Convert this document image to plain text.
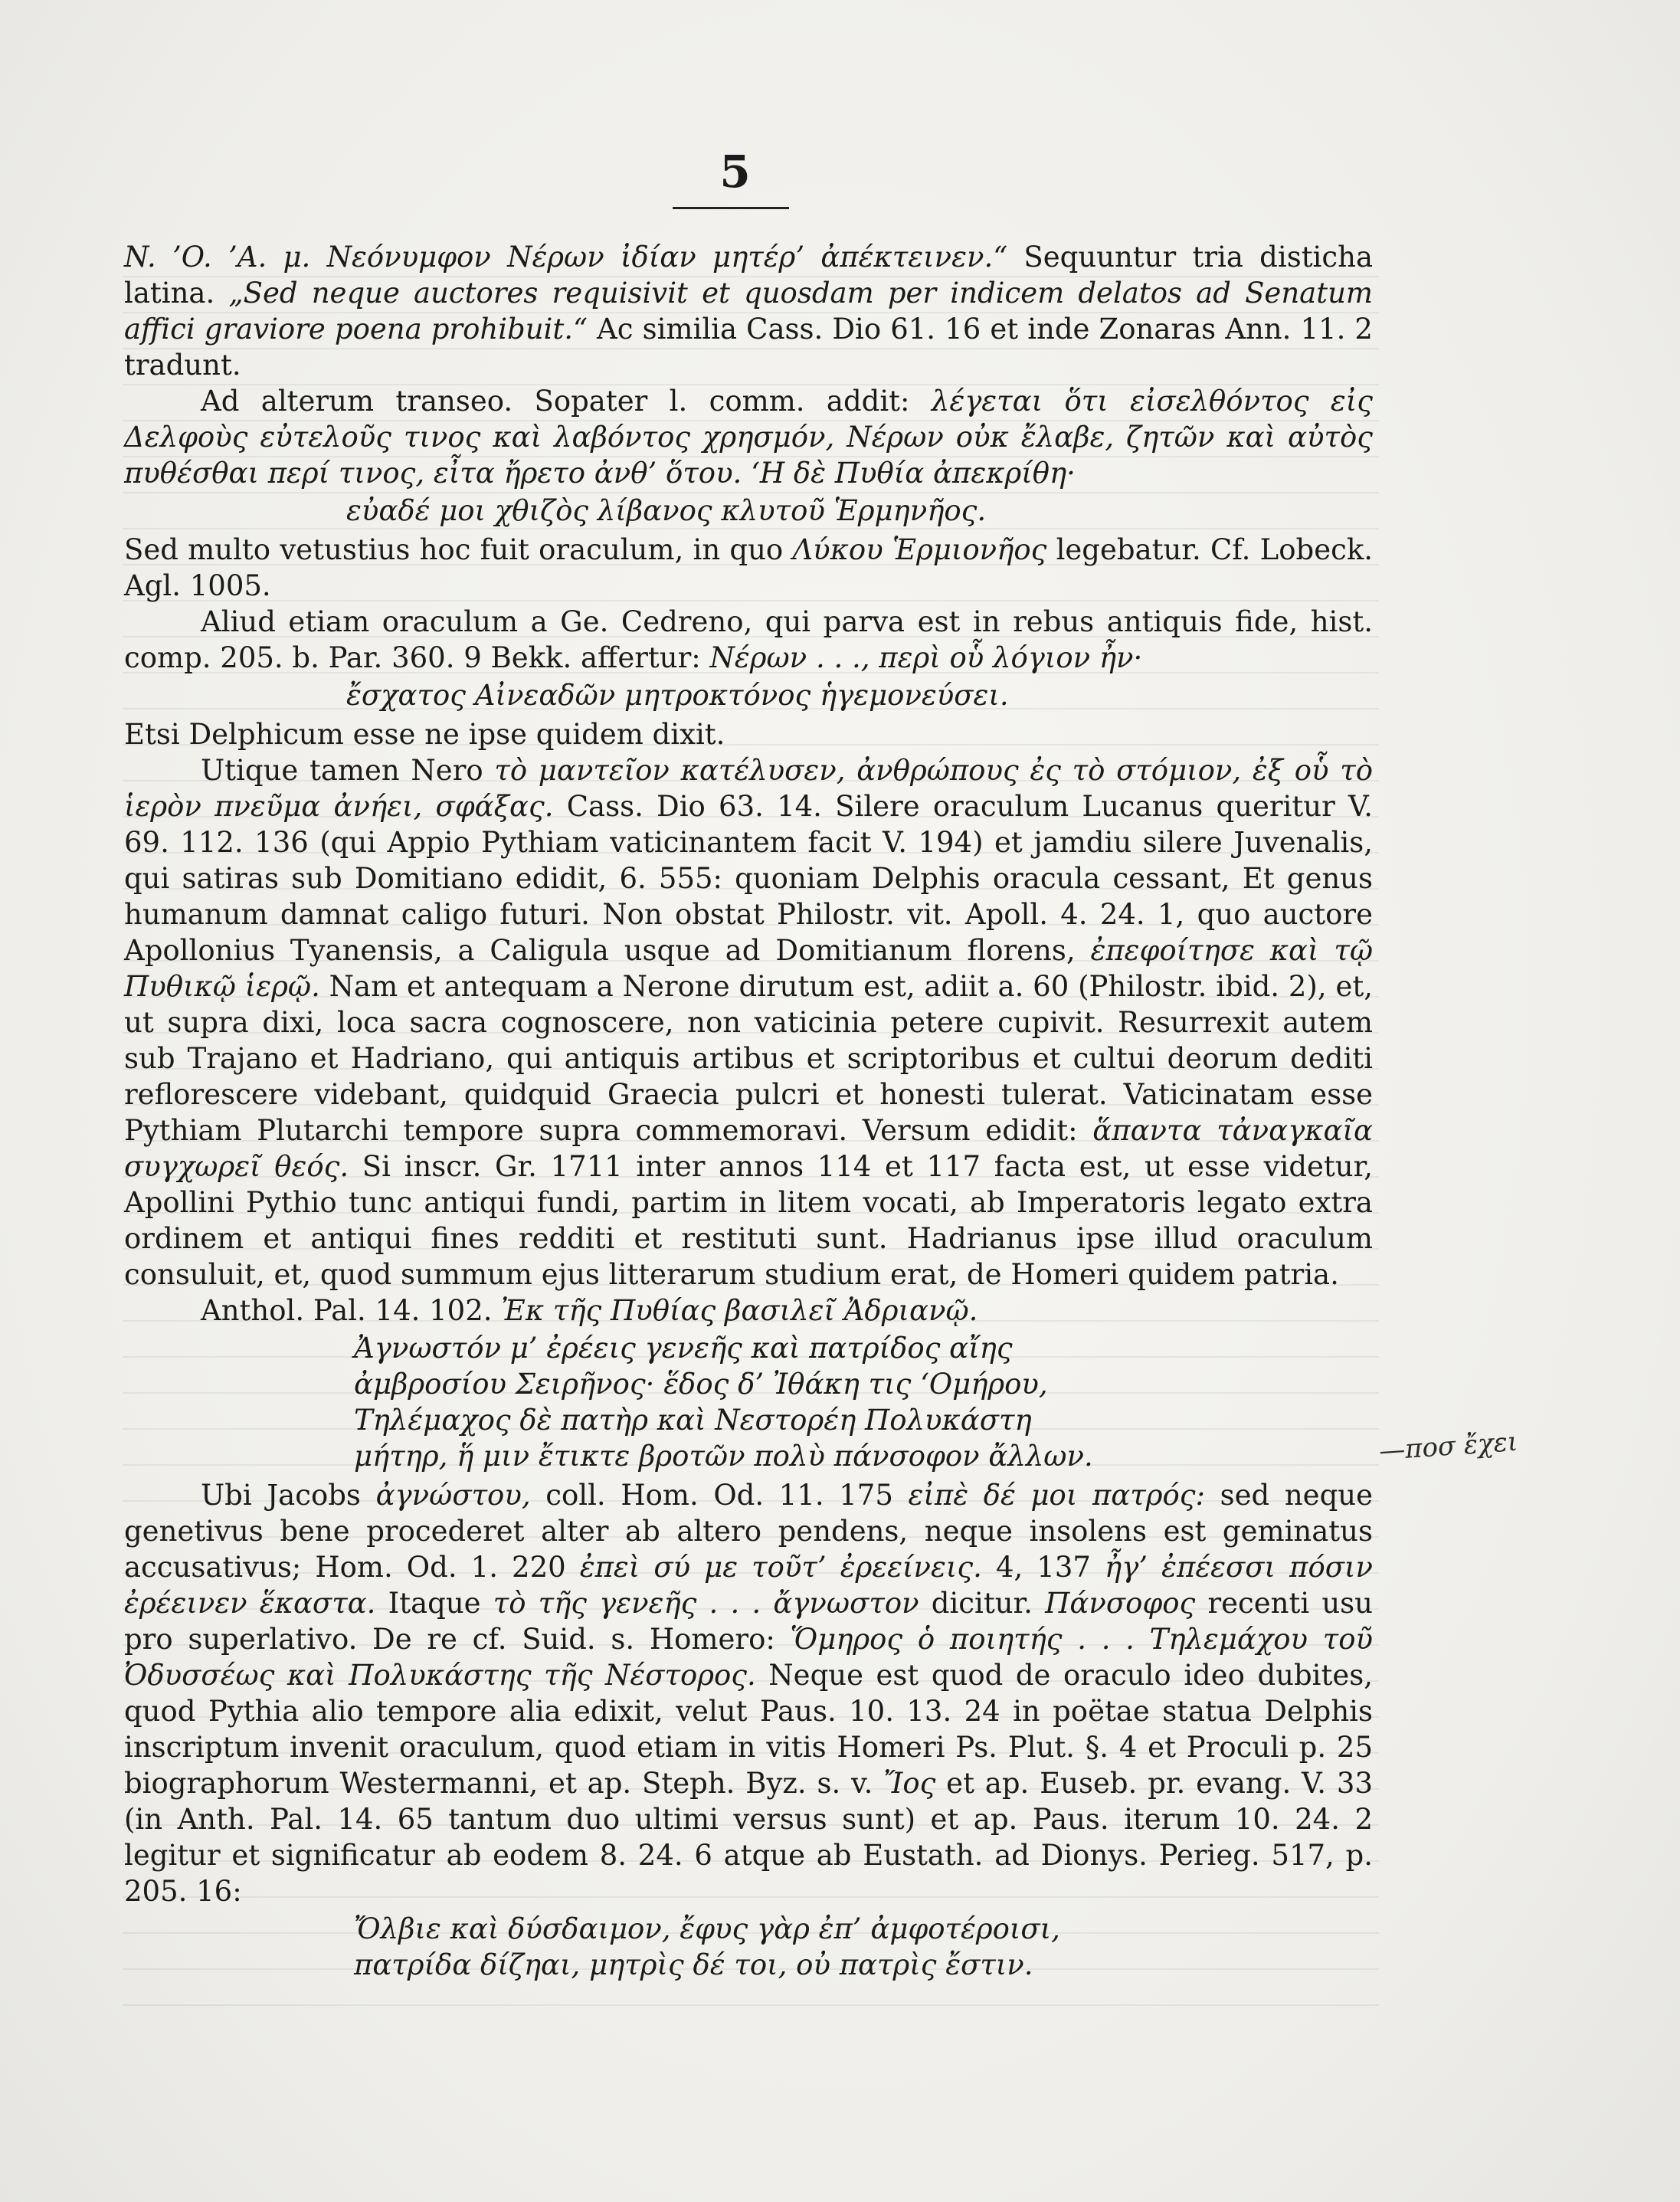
5

N. ’O. ’A. μ. Νεόνυμφον Νέρων ἰδίαν μητέρ’ ἀπέκτεινεν.“ Sequuntur tria disticha latina. „Sed neque auctores requisivit et quosdam per indicem delatos ad Senatum affici graviore poena prohibuit.“ Ac similia Cass. Dio 61. 16 et inde Zonaras Ann. 11. 2 tradunt.

Ad alterum transeo. Sopater l. comm. addit: λέγεται ὅτι εἰσελθόντος εἰς Δελφοὺς εὐτελοῦς τινος καὶ λαβόντος χρησμόν, Νέρων οὐκ ἔλαβε, ζητῶν καὶ αὐτὸς πυθέσθαι περί τινος, εἶτα ἤρετο ἀνθ’ ὅτου. ‘Η δὲ Πυθία ἀπεκρίθη·

εὐαδέ μοι χθιζὸς λίβανος κλυτοῦ Ἑρμηνῆος.

Sed multo vetustius hoc fuit oraculum, in quo Λύκου Ἑρμιονῆος legebatur. Cf. Lobeck. Agl. 1005.

Aliud etiam oraculum a Ge. Cedreno, qui parva est in rebus antiquis fide, hist. comp. 205. b. Par. 360. 9 Bekk. affertur: Νέρων . . ., περὶ οὗ λόγιον ἦν·

ἔσχατος Αἰνεαδῶν μητροκτόνος ἡγεμονεύσει.

Etsi Delphicum esse ne ipse quidem dixit.

Utique tamen Nero τὸ μαντεῖον κατέλυσεν, ἀνθρώπους ἐς τὸ στόμιον, ἐξ οὗ τὸ ἱερὸν πνεῦμα ἀνήει, σφάξας. Cass. Dio 63. 14. Silere oraculum Lucanus queritur V. 69. 112. 136 (qui Appio Pythiam vaticinantem facit V. 194) et jamdiu silere Juvenalis, qui satiras sub Domitiano edidit, 6. 555: quoniam Delphis oracula cessant, Et genus humanum damnat caligo futuri. Non obstat Philostr. vit. Apoll. 4. 24. 1, quo auctore Apollonius Tyanensis, a Caligula usque ad Domitianum florens, ἐπεφοίτησε καὶ τῷ Πυθικῷ ἱερῷ. Nam et antequam a Nerone dirutum est, adiit a. 60 (Philostr. ibid. 2), et, ut supra dixi, loca sacra cognoscere, non vaticinia petere cupivit. Resurrexit autem sub Trajano et Hadriano, qui antiquis artibus et scriptoribus et cultui deorum dediti reflorescere videbant, quidquid Graecia pulcri et honesti tulerat. Vaticinatam esse Pythiam Plutarchi tempore supra commemoravi. Versum edidit: ἅπαντα τἀναγκαῖα συγχωρεῖ θεός. Si inscr. Gr. 1711 inter annos 114 et 117 facta est, ut esse videtur, Apollini Pythio tunc antiqui fundi, partim in litem vocati, ab Imperatoris legato extra ordinem et antiqui fines redditi et restituti sunt. Hadrianus ipse illud oraculum consuluit, et, quod summum ejus litterarum studium erat, de Homeri quidem patria.

Anthol. Pal. 14. 102. Ἐκ τῆς Πυθίας βασιλεῖ Ἀδριανῷ.

Ἀγνωστόν μ’ ἐρέεις γενεῆς καὶ πατρίδος αἴης
ἀμβροσίου Σειρῆνος· ἕδος δ’ Ἰθάκη τις ‘Ομήρου,
Τηλέμαχος δὲ πατὴρ καὶ Νεστορέη Πολυκάστη
μήτηρ, ἥ μιν ἔτικτε βροτῶν πολὺ πάνσοφον ἄλλων.

Ubi Jacobs ἀγνώστου, coll. Hom. Od. 11. 175 εἰπὲ δέ μοι πατρός: sed neque genetivus bene procederet alter ab altero pendens, neque insolens est geminatus accusativus; Hom. Od. 1. 220 ἐπεὶ σύ με τοῦτ’ ἐρεείνεις. 4, 137 ἦγ’ ἐπέεσσι πόσιν ἐρέεινεν ἕκαστα. Itaque τὸ τῆς γενεῆς . . . ἄγνωστον dicitur. Πάνσοφος recenti usu pro superlativo. De re cf. Suid. s. Homero: Ὅμηρος ὁ ποιητής . . . Τηλεμάχου τοῦ Ὀδυσσέως καὶ Πολυκάστης τῆς Νέστορος. Neque est quod de oraculo ideo dubites, quod Pythia alio tempore alia edixit, velut Paus. 10. 13. 24 in poëtae statua Delphis inscriptum invenit oraculum, quod etiam in vitis Homeri Ps. Plut. §. 4 et Proculi p. 25 biographorum Westermanni, et ap. Steph. Byz. s. v. Ἴος et ap. Euseb. pr. evang. V. 33 (in Anth. Pal. 14. 65 tantum duo ultimi versus sunt) et ap. Paus. iterum 10. 24. 2 legitur et significatur ab eodem 8. 24. 6 atque ab Eustath. ad Dionys. Perieg. 517, p. 205. 16:

Ὄλβιε καὶ δύσδαιμον, ἔφυς γὰρ ἐπ’ ἀμφοτέροισι,
πατρίδα δίζηαι, μητρὶς δέ τοι, οὐ πατρὶς ἔστιν.
—ποσ ἔχει
